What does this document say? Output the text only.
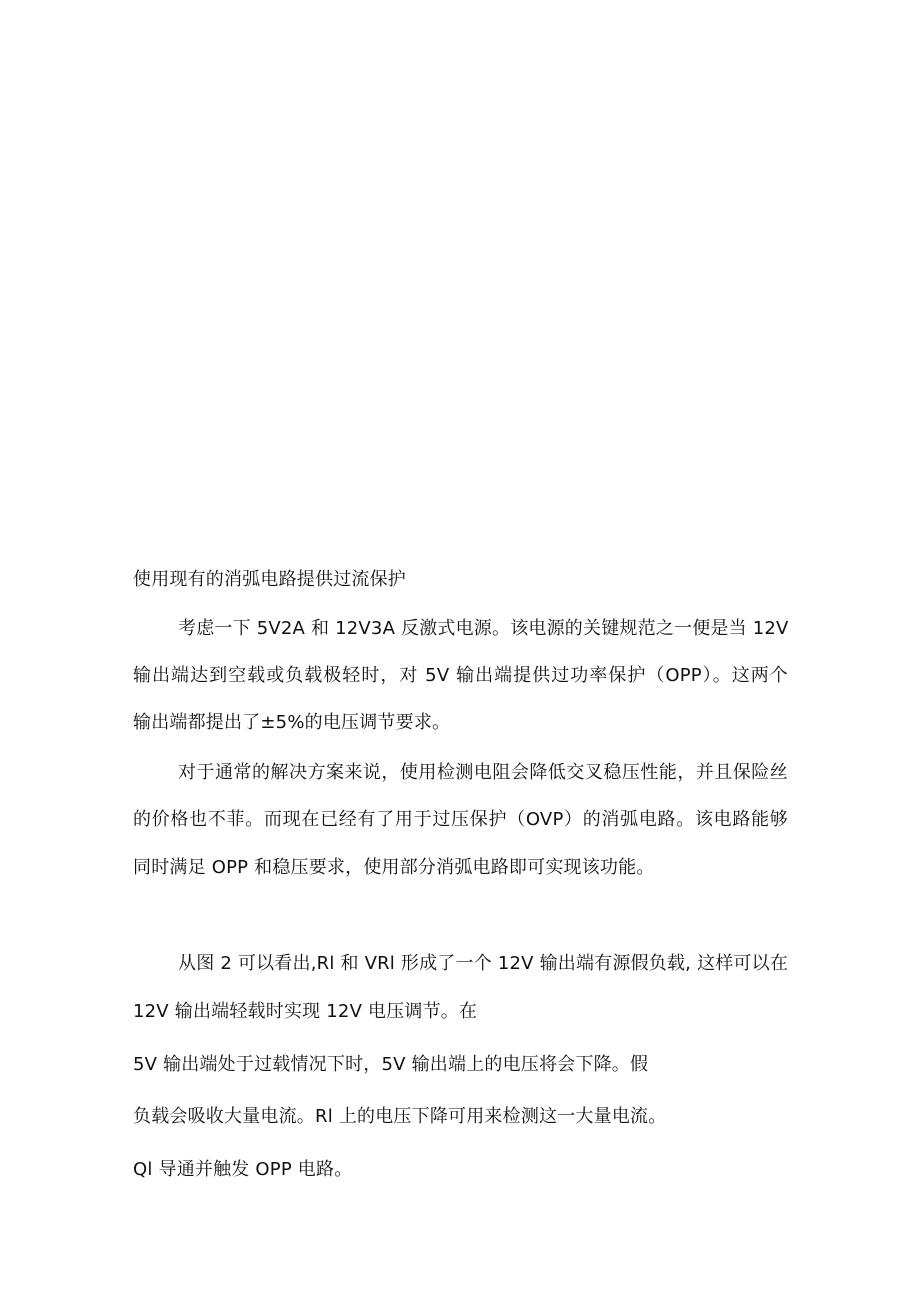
使用现有的消弧电路提供过流保护
考虑一下 5V2A 和 12V3A 反激式电源。该电源的关键规范之一便是当 12V
输出端达到空载或负载极轻时，对 5V 输出端提供过功率保护（OPP）。这两个
输出端都提出了±5%的电压调节要求。
对于通常的解决方案来说，使用检测电阻会降低交叉稳压性能，并且保险丝
的价格也不菲。而现在已经有了用于过压保护（OVP）的消弧电路。该电路能够
同时满足 OPP 和稳压要求，使用部分消弧电路即可实现该功能。
从图 2 可以看出,Rl 和 VRl 形成了一个 12V 输出端有源假负载, 这样可以在
12V 输出端轻载时实现 12V 电压调节。在
5V 输出端处于过载情况下时，5V 输出端上的电压将会下降。假
负载会吸收大量电流。Rl 上的电压下降可用来检测这一大量电流。
Ql 导通并触发 OPP 电路。
